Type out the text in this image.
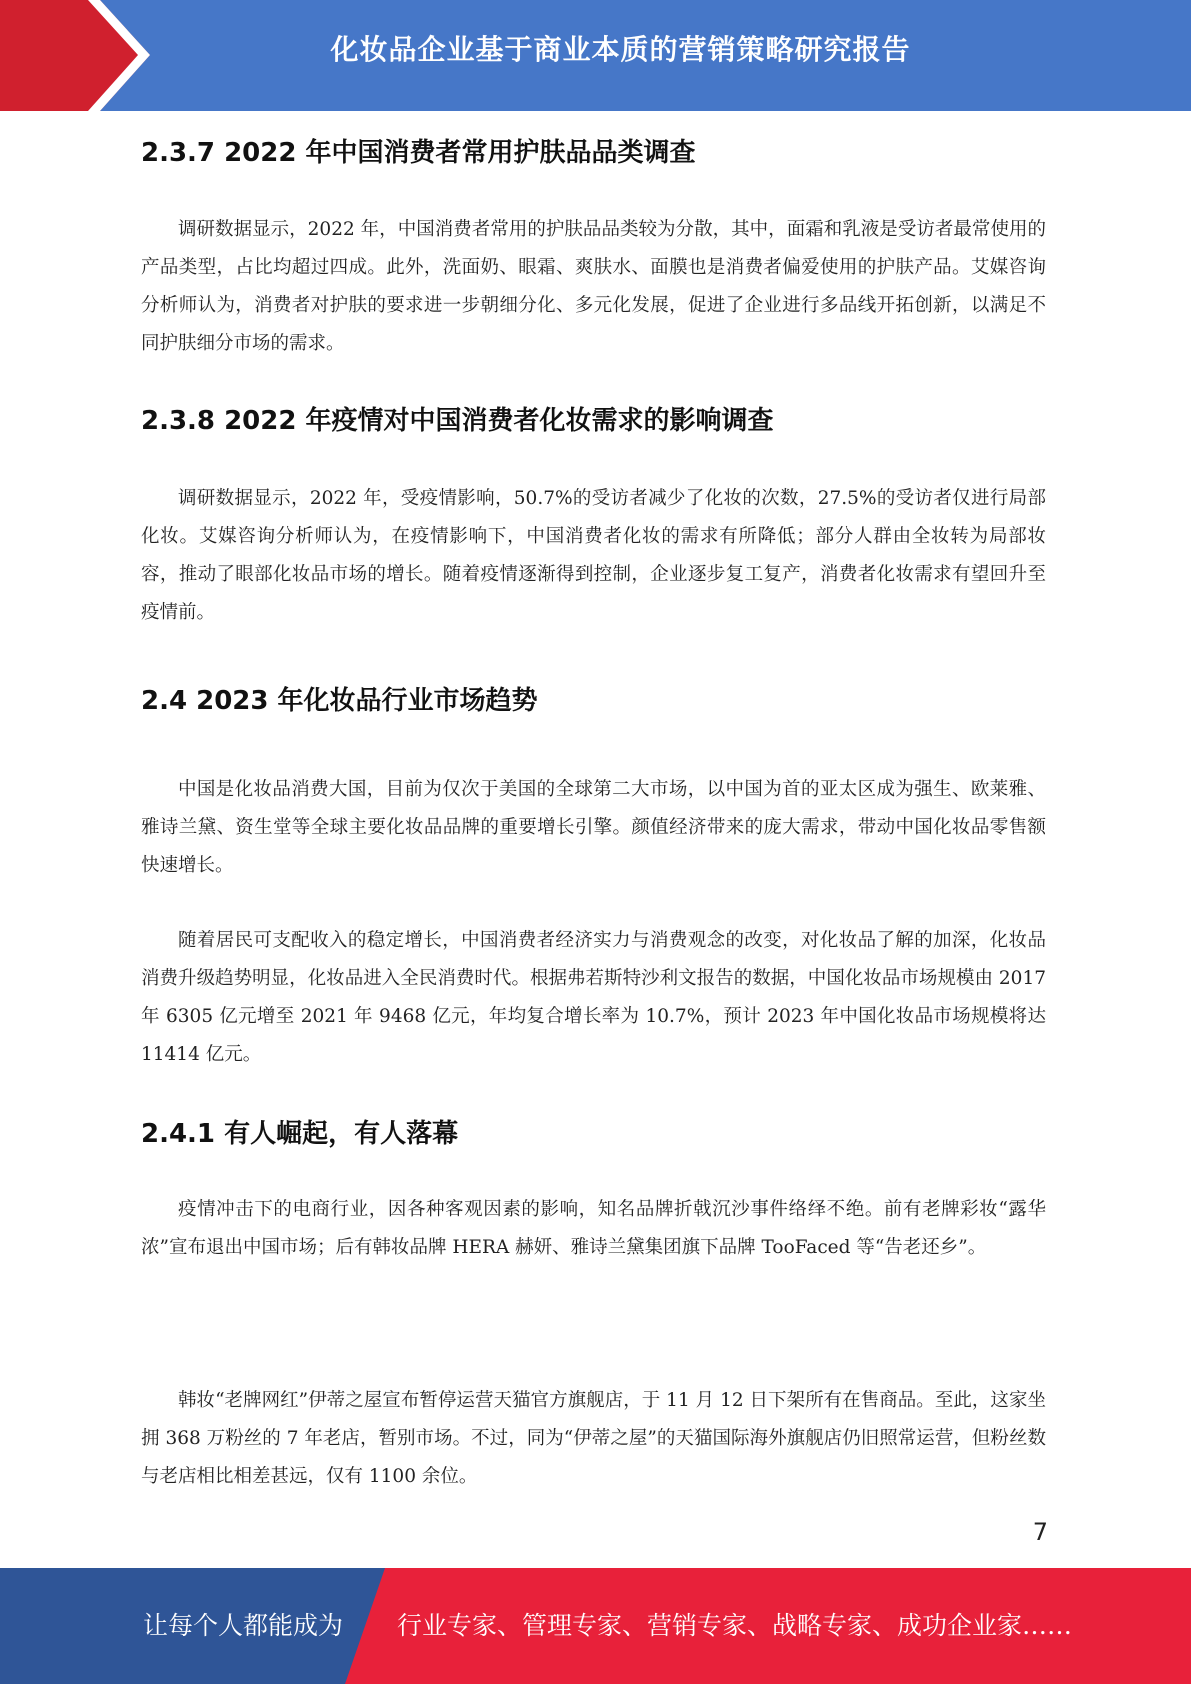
化妆品企业基于商业本质的营销策略研究报告
2.3.7 2022 年中国消费者常用护肤品品类调查

调研数据显示，2022 年，中国消费者常用的护肤品品类较为分散，其中，面霜和乳液是受访者最常使用的产品类型，占比均超过四成。此外，洗面奶、眼霜、爽肤水、面膜也是消费者偏爱使用的护肤产品。艾媒咨询分析师认为，消费者对护肤的要求进一步朝细分化、多元化发展，促进了企业进行多品线开拓创新，以满足不同护肤细分市场的需求。

2.3.8 2022 年疫情对中国消费者化妆需求的影响调查

调研数据显示，2022 年，受疫情影响，50.7%的受访者减少了化妆的次数，27.5%的受访者仅进行局部化妆。艾媒咨询分析师认为，在疫情影响下，中国消费者化妆的需求有所降低；部分人群由全妆转为局部妆容，推动了眼部化妆品市场的增长。随着疫情逐渐得到控制，企业逐步复工复产，消费者化妆需求有望回升至疫情前。

2.4 2023 年化妆品行业市场趋势

中国是化妆品消费大国，目前为仅次于美国的全球第二大市场，以中国为首的亚太区成为强生、欧莱雅、雅诗兰黛、资生堂等全球主要化妆品品牌的重要增长引擎。颜值经济带来的庞大需求，带动中国化妆品零售额快速增长。

随着居民可支配收入的稳定增长，中国消费者经济实力与消费观念的改变，对化妆品了解的加深，化妆品消费升级趋势明显，化妆品进入全民消费时代。根据弗若斯特沙利文报告的数据，中国化妆品市场规模由 2017 年 6305 亿元增至 2021 年 9468 亿元，年均复合增长率为 10.7%，预计 2023 年中国化妆品市场规模将达 11414 亿元。

2.4.1 有人崛起，有人落幕

疫情冲击下的电商行业，因各种客观因素的影响，知名品牌折戟沉沙事件络绎不绝。前有老牌彩妆“露华浓”宣布退出中国市场；后有韩妆品牌 HERA 赫妍、雅诗兰黛集团旗下品牌 TooFaced 等“告老还乡”。

韩妆“老牌网红”伊蒂之屋宣布暂停运营天猫官方旗舰店，于 11 月 12 日下架所有在售商品。至此，这家坐拥 368 万粉丝的 7 年老店，暂别市场。不过，同为“伊蒂之屋”的天猫国际海外旗舰店仍旧照常运营，但粉丝数与老店相比相差甚远，仅有 1100 余位。

7
让每个人都能成为 行业专家、管理专家、营销专家、战略专家、成功企业家……
